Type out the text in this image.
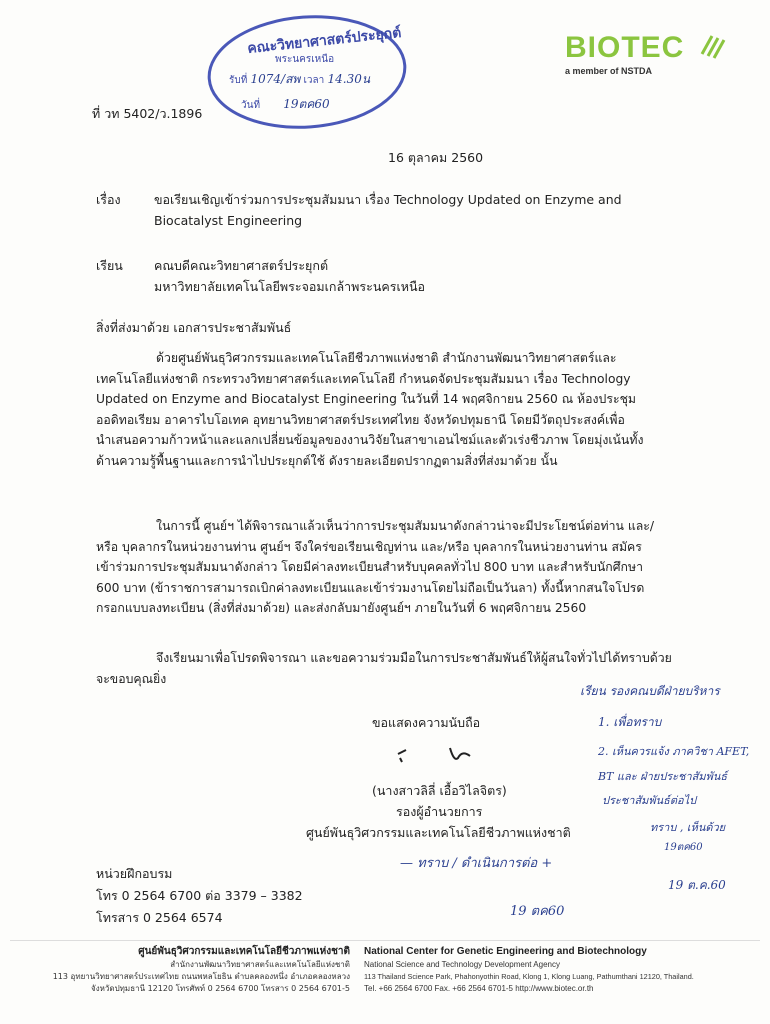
คณะวิทยาศาสตร์ประยุกต์
พระนครเหนือ
รับที่ 1074/สพ เวลา 14.30น
วันที่ 19ตค60
BIOTEC
a member of NSTDA
ที่ วท 5402/ว.1896
16 ตุลาคม 2560
เรื่อง	ขอเรียนเชิญเข้าร่วมการประชุมสัมมนา เรื่อง Technology Updated on Enzyme and
Biocatalyst Engineering
เรียน คณบดีคณะวิทยาศาสตร์ประยุกต์
มหาวิทยาลัยเทคโนโลยีพระจอมเกล้าพระนครเหนือ
สิ่งที่ส่งมาด้วย เอกสารประชาสัมพันธ์
ด้วยศูนย์พันธุวิศวกรรมและเทคโนโลยีชีวภาพแห่งชาติ สำนักงานพัฒนาวิทยาศาสตร์และ
เทคโนโลยีแห่งชาติ กระทรวงวิทยาศาสตร์และเทคโนโลยี กำหนดจัดประชุมสัมมนา เรื่อง Technology
Updated on Enzyme and Biocatalyst Engineering ในวันที่ 14 พฤศจิกายน 2560 ณ ห้องประชุม
ออดิทอเรียม อาคารไบโอเทค อุทยานวิทยาศาสตร์ประเทศไทย จังหวัดปทุมธานี โดยมีวัตถุประสงค์เพื่อ
นำเสนอความก้าวหน้าและแลกเปลี่ยนข้อมูลของงานวิจัยในสาขาเอนไซม์และตัวเร่งชีวภาพ โดยมุ่งเน้นทั้ง
ด้านความรู้พื้นฐานและการนำไปประยุกต์ใช้ ดังรายละเอียดปรากฏตามสิ่งที่ส่งมาด้วย นั้น
ในการนี้ ศูนย์ฯ ได้พิจารณาแล้วเห็นว่าการประชุมสัมมนาดังกล่าวน่าจะมีประโยชน์ต่อท่าน และ/
หรือ บุคลากรในหน่วยงานท่าน ศูนย์ฯ จึงใคร่ขอเรียนเชิญท่าน และ/หรือ บุคลากรในหน่วยงานท่าน สมัคร
เข้าร่วมการประชุมสัมมนาดังกล่าว โดยมีค่าลงทะเบียนสำหรับบุคคลทั่วไป 800 บาท และสำหรับนักศึกษา
600 บาท (ข้าราชการสามารถเบิกค่าลงทะเบียนและเข้าร่วมงานโดยไม่ถือเป็นวันลา) ทั้งนี้หากสนใจโปรด
กรอกแบบลงทะเบียน (สิ่งที่ส่งมาด้วย) และส่งกลับมายังศูนย์ฯ ภายในวันที่ 6 พฤศจิกายน 2560
จึงเรียนมาเพื่อโปรดพิจารณา และขอความร่วมมือในการประชาสัมพันธ์ให้ผู้สนใจทั่วไปได้ทราบด้วย
จะขอบคุณยิ่ง
ขอแสดงความนับถือ
(นางสาวลิลี่ เอื้อวิไลจิตร)
รองผู้อำนวยการ
ศูนย์พันธุวิศวกรรมและเทคโนโลยีชีวภาพแห่งชาติ
หน่วยฝึกอบรม
โทร 0 2564 6700 ต่อ 3379 – 3382
โทรสาร 0 2564 6574
เรียน รองคณบดีฝ่ายบริหาร
1. เพื่อทราบ
2. เห็นควรแจ้ง ภาควิชา AFET,
BT และ ฝ่ายประชาสัมพันธ์
ประชาสัมพันธ์ต่อไป
ทราบ , เห็นด้วย
19ตค60
19 ต.ค.60
— ทราบ / ดำเนินการต่อ +
19 ตค60
ศูนย์พันธุวิศวกรรมและเทคโนโลยีชีวภาพแห่งชาติ
สำนักงานพัฒนาวิทยาศาสตร์และเทคโนโลยีแห่งชาติ
113 อุทยานวิทยาศาสตร์ประเทศไทย ถนนพหลโยธิน ตำบลคลองหนึ่ง อำเภอคลองหลวง
จังหวัดปทุมธานี 12120 โทรศัพท์ 0 2564 6700 โทรสาร 0 2564 6701-5
National Center for Genetic Engineering and Biotechnology
National Science and Technology Development Agency
113 Thailand Science Park, Phahonyothin Road, Klong 1, Klong Luang, Pathumthani 12120, Thailand.
Tel. +66 2564 6700 Fax. +66 2564 6701-5 http://www.biotec.or.th
